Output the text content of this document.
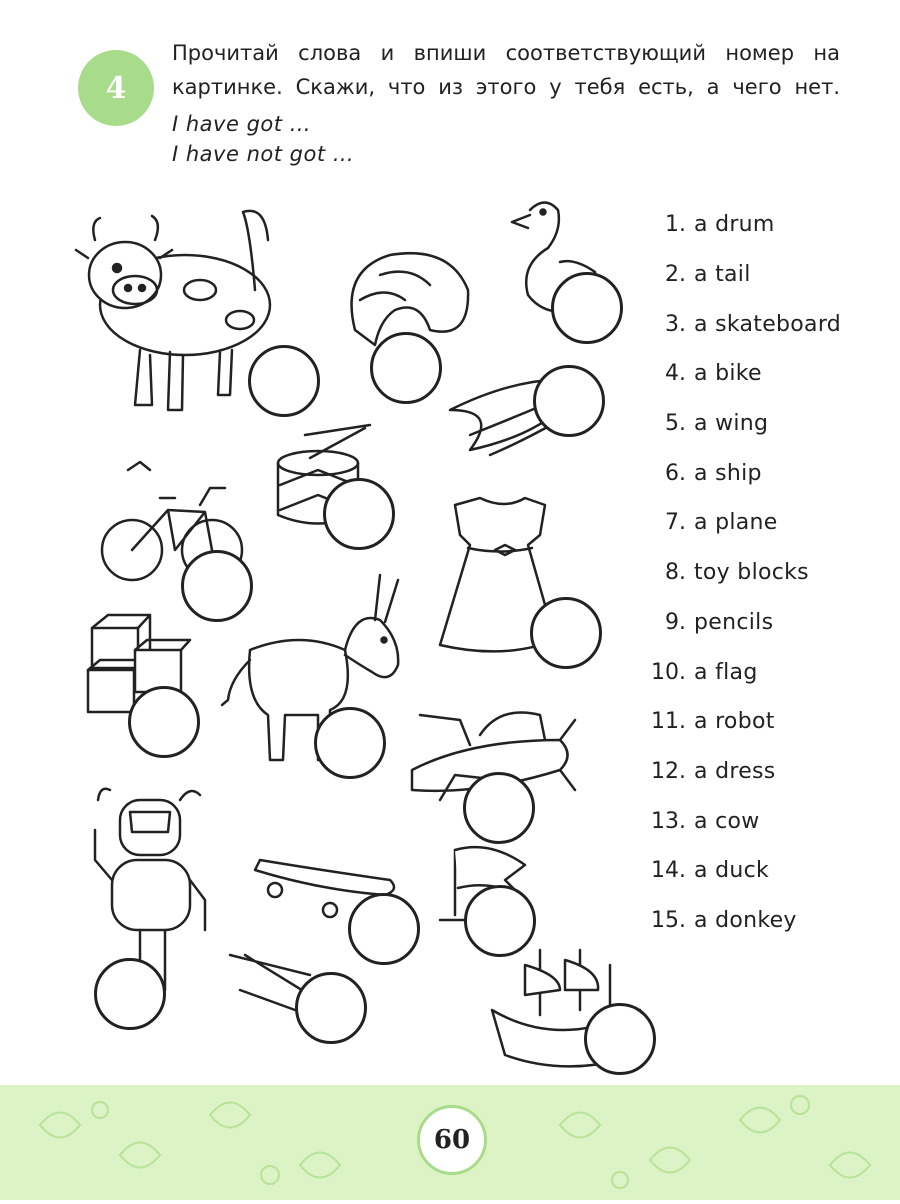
4

Прочитай слова и впиши соответствующий номер на картинке. Скажи, что из этого у тебя есть, а чего нет.

I have got …

I have not got …

1. a drum
2. a tail
3. a skateboard
4. a bike
5. a wing
6. a ship
7. a plane
8. toy blocks
9. pencils
10. a flag
11. a robot
12. a dress
13. a cow
14. a duck
15. a donkey
60
